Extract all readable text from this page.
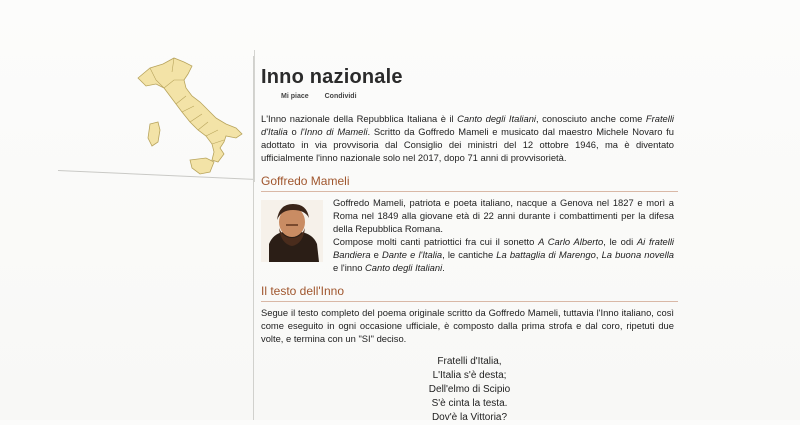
Inno nazionale
Mi piace Condividi

L'Inno nazionale della Repubblica Italiana è il Canto degli Italiani, conosciuto anche come Fratelli d'Italia o l'Inno di Mameli. Scritto da Goffredo Mameli e musicato dal maestro Michele Novaro fu adottato in via provvisoria dal Consiglio dei ministri del 12 ottobre 1946, ma è diventato ufficialmente l'inno nazionale solo nel 2017, dopo 71 anni di provvisorietà.

Goffredo Mameli

Goffredo Mameli, patriota e poeta italiano, nacque a Genova nel 1827 e morì a Roma nel 1849 alla giovane età di 22 anni durante i combattimenti per la difesa della Repubblica Romana.

Compose molti canti patriottici fra cui il sonetto A Carlo Alberto, le odi Ai fratelli Bandiera e Dante e l'Italia, le cantiche La battaglia di Marengo, La buona novella e l'inno Canto degli Italiani.

Il testo dell'Inno

Segue il testo completo del poema originale scritto da Goffredo Mameli, tuttavia l'Inno italiano, così come eseguito in ogni occasione ufficiale, è composto dalla prima strofa e dal coro, ripetuti due volte, e termina con un "SI" deciso.

Fratelli d'Italia,
L'Italia s'è desta;
Dell'elmo di Scipio
S'è cinta la testa.
Dov'è la Vittoria?
